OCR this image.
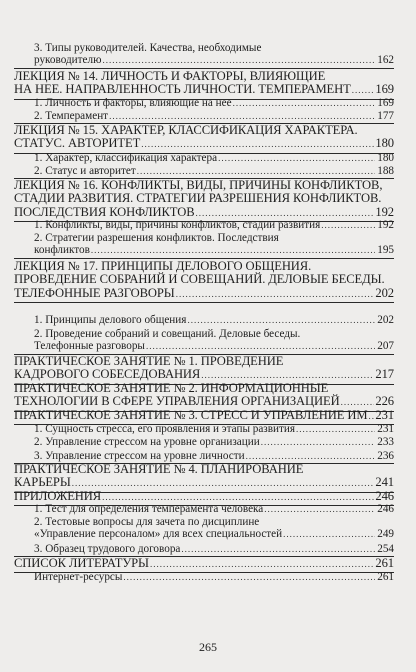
3. Типы руководителей. Качества, необходимые
руководителю .....	162
ЛЕКЦИЯ № 14. ЛИЧНОСТЬ И ФАКТОРЫ, ВЛИЯЮЩИЕ
НА НЕЕ. НАПРАВЛЕННОСТЬ ЛИЧНОСТИ. ТЕМПЕРАМЕНТ ..... 169
1. Личность и факторы, влияющие на нее .....	169
2. Темперамент .....	177
ЛЕКЦИЯ № 15. ХАРАКТЕР, КЛАССИФИКАЦИЯ ХАРАКТЕРА.
СТАТУС. АВТОРИТЕТ .....	180
1. Характер, классификация характера .....	180
2. Статус и авторитет .....	188
ЛЕКЦИЯ № 16. КОНФЛИКТЫ, ВИДЫ, ПРИЧИНЫ КОНФЛИКТОВ,
СТАДИИ РАЗВИТИЯ. СТРАТЕГИИ РАЗРЕШЕНИЯ КОНФЛИКТОВ.
ПОСЛЕДСТВИЯ КОНФЛИКТОВ .....	192
1. Конфликты, виды, причины конфликтов, стадии развития .....	192
2. Стратегии разрешения конфликтов. Последствия
конфликтов .....	195
ЛЕКЦИЯ № 17. ПРИНЦИПЫ ДЕЛОВОГО ОБЩЕНИЯ.
ПРОВЕДЕНИЕ СОБРАНИЙ И СОВЕЩАНИЙ. ДЕЛОВЫЕ БЕСЕДЫ.
ТЕЛЕФОННЫЕ РАЗГОВОРЫ .....	202
1. Принципы делового общения .....	202
2. Проведение собраний и совещаний. Деловые беседы.
Телефонные разговоры .....	207
ПРАКТИЧЕСКОЕ ЗАНЯТИЕ № 1. ПРОВЕДЕНИЕ
КАДРОВОГО СОБЕСЕДОВАНИЯ .....	217
ПРАКТИЧЕСКОЕ ЗАНЯТИЕ № 2. ИНФОРМАЦИОННЫЕ
ТЕХНОЛОГИИ В СФЕРЕ УПРАВЛЕНИЯ ОРГАНИЗАЦИЕЙ .....	226
ПРАКТИЧЕСКОЕ ЗАНЯТИЕ № 3. СТРЕСС И УПРАВЛЕНИЕ ИМ ..... 231
1. Сущность стресса, его проявления и этапы развития .....	231
2. Управление стрессом на уровне организации .....	233
3. Управление стрессом на уровне личности .....	236
ПРАКТИЧЕСКОЕ ЗАНЯТИЕ № 4. ПЛАНИРОВАНИЕ
КАРЬЕРЫ .....	241
ПРИЛОЖЕНИЯ .....	246
1. Тест для определения темперамента человека .....	246
2. Тестовые вопросы для зачета по дисциплине
«Управление персоналом» для всех специальностей .....	249
3. Образец трудового договора .....	254
СПИСОК ЛИТЕРАТУРЫ .....	261
Интернет-ресурсы .....	261
265
